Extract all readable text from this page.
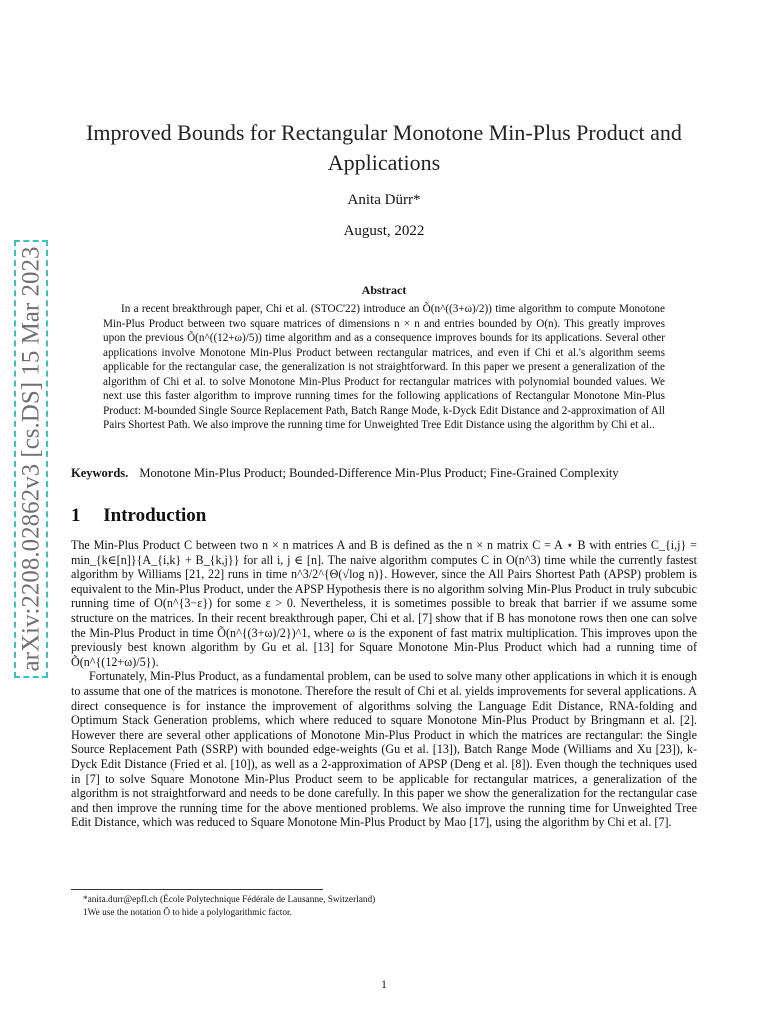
arXiv:2208.02862v3 [cs.DS] 15 Mar 2023
Improved Bounds for Rectangular Monotone Min-Plus Product and Applications
Anita Dürr*
August, 2022
Abstract

In a recent breakthrough paper, Chi et al. (STOC'22) introduce an Õ(n^((3+ω)/2)) time algorithm to compute Monotone Min-Plus Product between two square matrices of dimensions n × n and entries bounded by O(n). This greatly improves upon the previous Õ(n^((12+ω)/5)) time algorithm and as a consequence improves bounds for its applications. Several other applications involve Monotone Min-Plus Product between rectangular matrices, and even if Chi et al.'s algorithm seems applicable for the rectangular case, the generalization is not straightforward. In this paper we present a generalization of the algorithm of Chi et al. to solve Monotone Min-Plus Product for rectangular matrices with polynomial bounded values. We next use this faster algorithm to improve running times for the following applications of Rectangular Monotone Min-Plus Product: M-bounded Single Source Replacement Path, Batch Range Mode, k-Dyck Edit Distance and 2-approximation of All Pairs Shortest Path. We also improve the running time for Unweighted Tree Edit Distance using the algorithm by Chi et al..

Keywords. Monotone Min-Plus Product; Bounded-Difference Min-Plus Product; Fine-Grained Complexity

1 Introduction

The Min-Plus Product C between two n × n matrices A and B is defined as the n × n matrix C = A ⋆ B with entries C_{i,j} = min_{k∈[n]}{A_{i,k} + B_{k,j}} for all i, j ∈ [n]. The naive algorithm computes C in O(n^3) time while the currently fastest algorithm by Williams [21, 22] runs in time n^3/2^{Θ(√log n)}. However, since the All Pairs Shortest Path (APSP) problem is equivalent to the Min-Plus Product, under the APSP Hypothesis there is no algorithm solving Min-Plus Product in truly subcubic running time of O(n^{3−ε}) for some ε > 0. Nevertheless, it is sometimes possible to break that barrier if we assume some structure on the matrices. In their recent breakthrough paper, Chi et al. [7] show that if B has monotone rows then one can solve the Min-Plus Product in time Õ(n^{(3+ω)/2})^1, where ω is the exponent of fast matrix multiplication. This improves upon the previously best known algorithm by Gu et al. [13] for Square Monotone Min-Plus Product which had a running time of Õ(n^{(12+ω)/5}).

Fortunately, Min-Plus Product, as a fundamental problem, can be used to solve many other applications in which it is enough to assume that one of the matrices is monotone. Therefore the result of Chi et al. yields improvements for several applications. A direct consequence is for instance the improvement of algorithms solving the Language Edit Distance, RNA-folding and Optimum Stack Generation problems, which where reduced to square Monotone Min-Plus Product by Bringmann et al. [2]. However there are several other applications of Monotone Min-Plus Product in which the matrices are rectangular: the Single Source Replacement Path (SSRP) with bounded edge-weights (Gu et al. [13]), Batch Range Mode (Williams and Xu [23]), k-Dyck Edit Distance (Fried et al. [10]), as well as a 2-approximation of APSP (Deng et al. [8]). Even though the techniques used in [7] to solve Square Monotone Min-Plus Product seem to be applicable for rectangular matrices, a generalization of the algorithm is not straightforward and needs to be done carefully. In this paper we show the generalization for the rectangular case and then improve the running time for the above mentioned problems. We also improve the running time for Unweighted Tree Edit Distance, which was reduced to Square Monotone Min-Plus Product by Mao [17], using the algorithm by Chi et al. [7].

*anita.durr@epfl.ch (École Polytechnique Fédérale de Lausanne, Switzerland)
1We use the notation Õ to hide a polylogarithmic factor.
1
